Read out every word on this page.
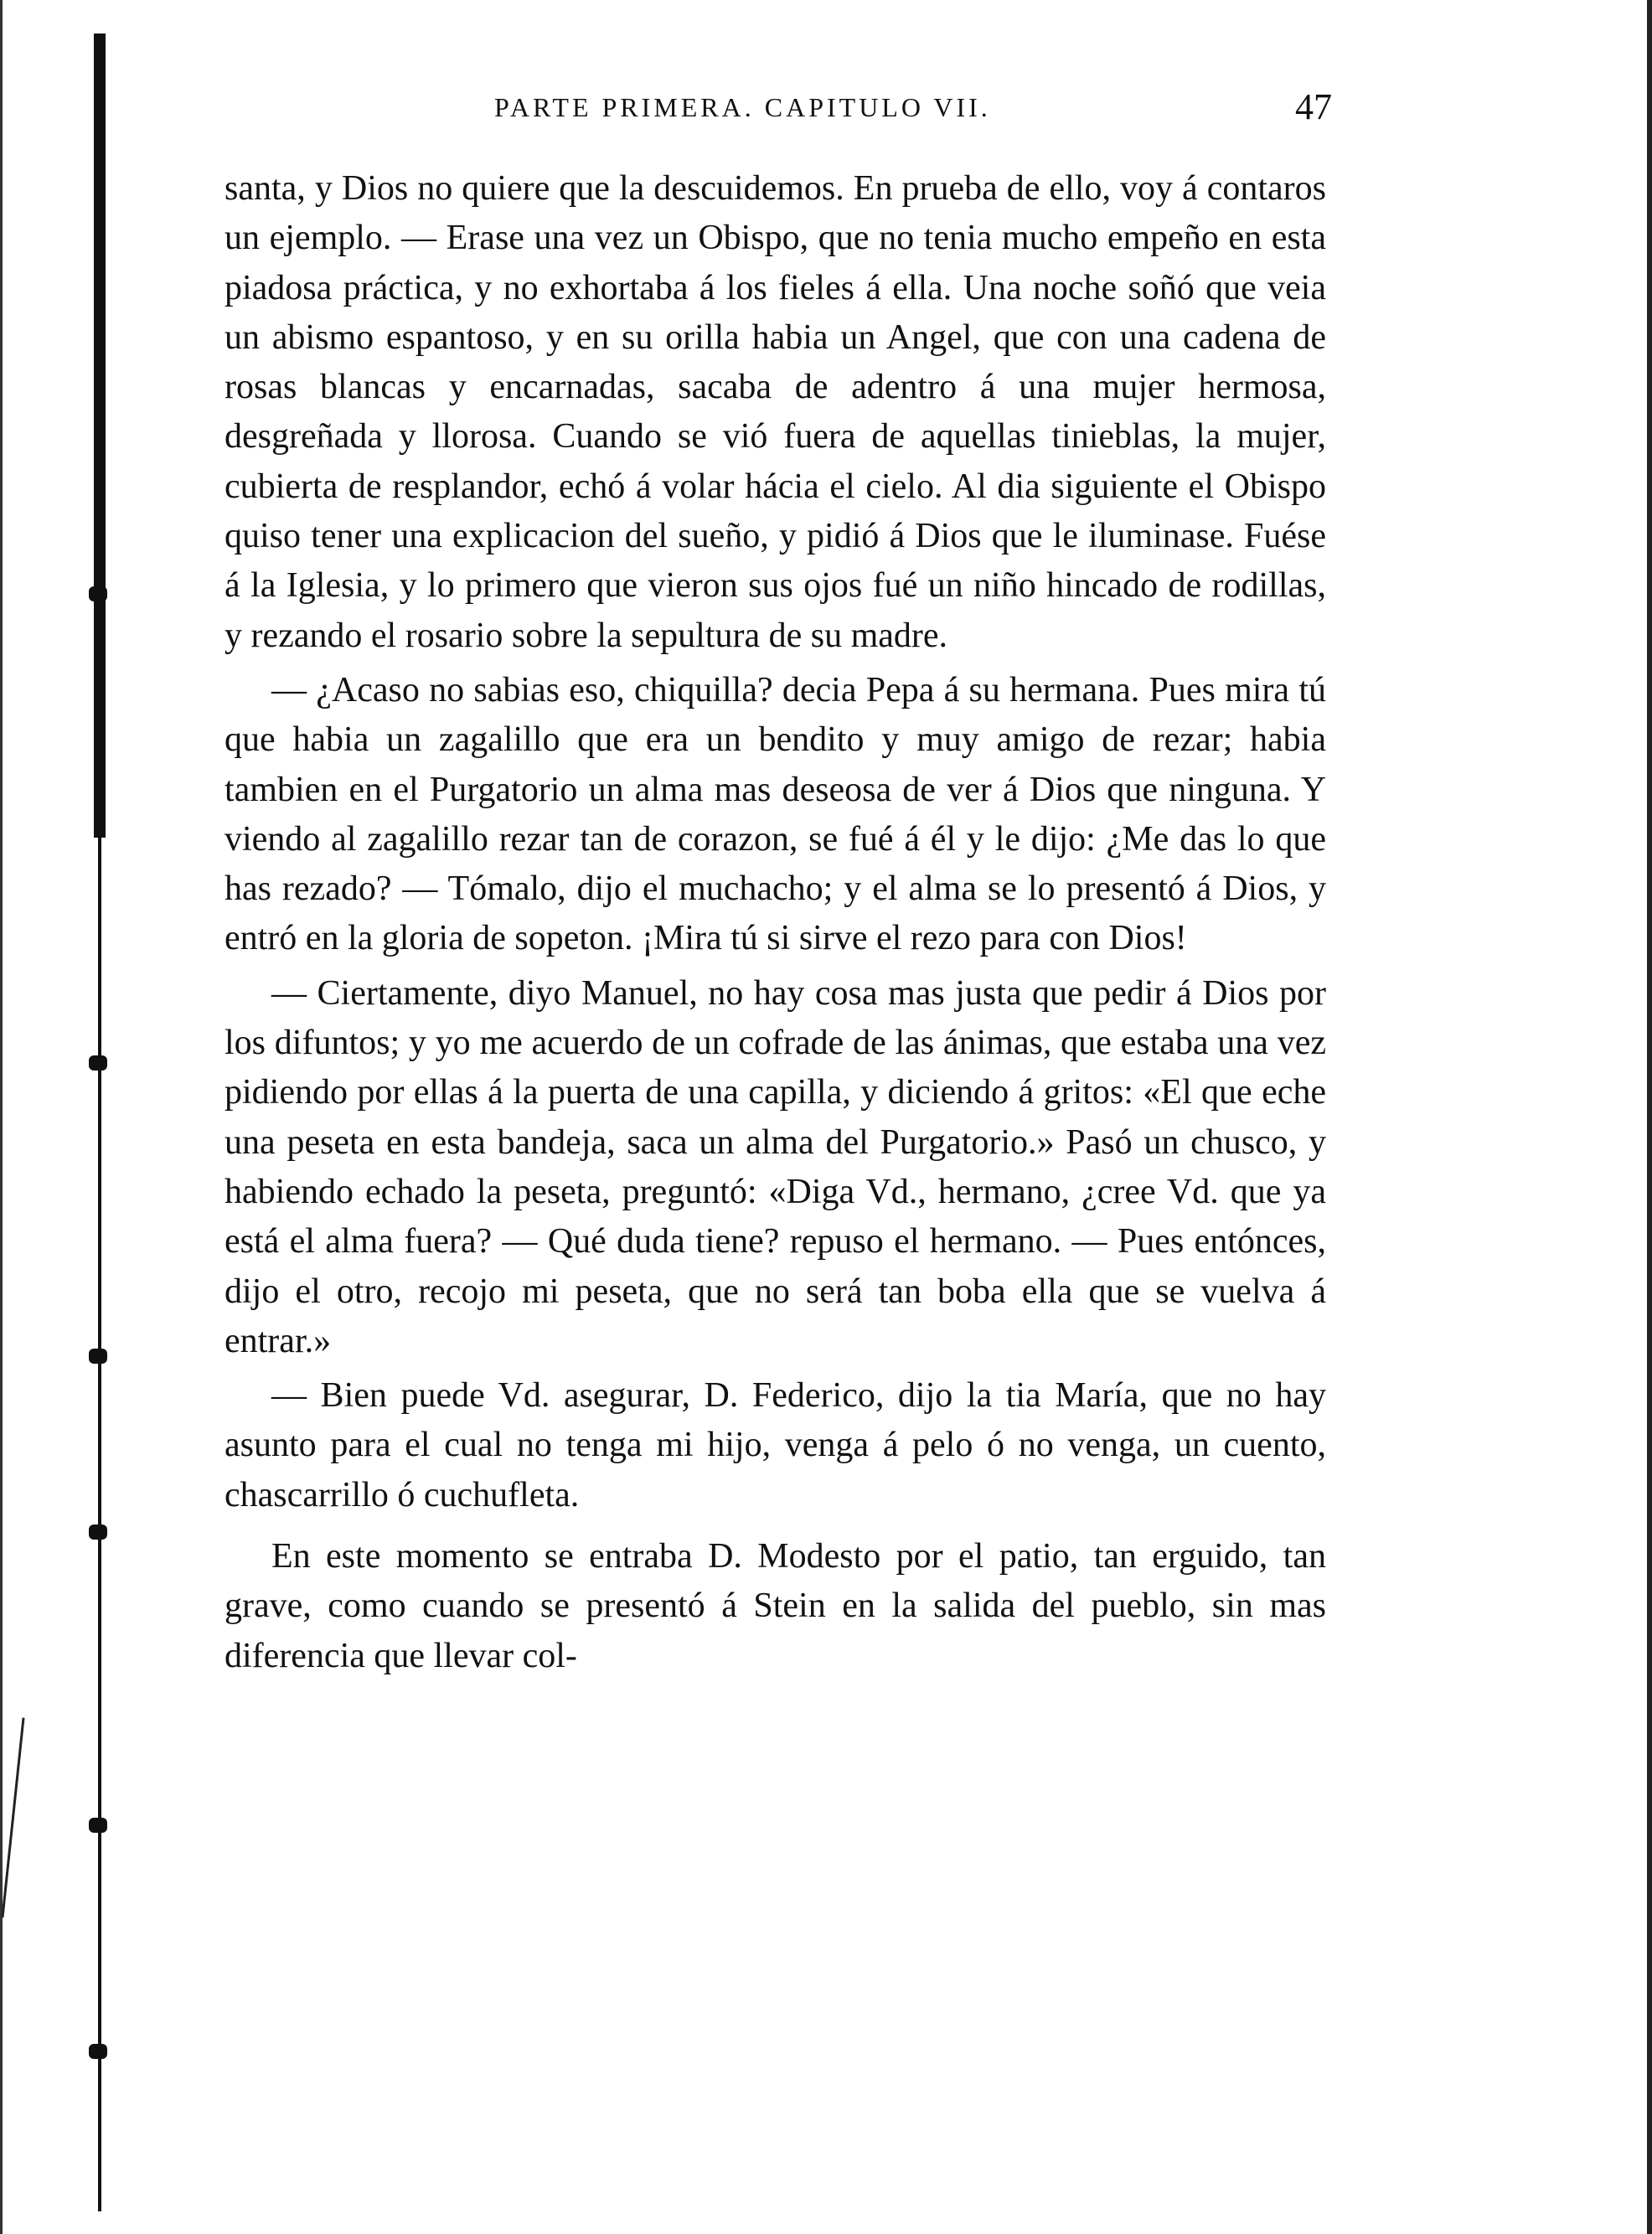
PARTE PRIMERA. CAPITULO VII.	47

santa, y Dios no quiere que la descuidemos. En prueba de ello, voy á contaros un ejemplo. — Erase una vez un Obispo, que no tenia mucho empeño en esta piadosa práctica, y no exhortaba á los fieles á ella. Una noche soñó que veia un abismo espantoso, y en su orilla habia un Angel, que con una cadena de rosas blancas y encarnadas, sacaba de adentro á una mujer hermosa, desgreñada y llorosa. Cuando se vió fuera de aquellas tinieblas, la mujer, cubierta de resplandor, echó á volar hácia el cielo. Al dia siguiente el Obispo quiso tener una explicacion del sueño, y pidió á Dios que le iluminase. Fuése á la Iglesia, y lo primero que vieron sus ojos fué un niño hincado de rodillas, y rezando el rosario sobre la sepultura de su madre.

— ¿Acaso no sabias eso, chiquilla? decia Pepa á su hermana. Pues mira tú que habia un zagalillo que era un bendito y muy amigo de rezar; habia tambien en el Purgatorio un alma mas deseosa de ver á Dios que ninguna. Y viendo al zagalillo rezar tan de corazon, se fué á él y le dijo: ¿Me das lo que has rezado? — Tómalo, dijo el muchacho; y el alma se lo presentó á Dios, y entró en la gloria de sopeton. ¡Mira tú si sirve el rezo para con Dios!

— Ciertamente, diyo Manuel, no hay cosa mas justa que pedir á Dios por los difuntos; y yo me acuerdo de un cofrade de las ánimas, que estaba una vez pidiendo por ellas á la puerta de una capilla, y diciendo á gritos: «El que eche una peseta en esta bandeja, saca un alma del Purgatorio.» Pasó un chusco, y habiendo echado la peseta, preguntó: «Diga Vd., hermano, ¿cree Vd. que ya está el alma fuera? — Qué duda tiene? repuso el hermano. — Pues entónces, dijo el otro, recojo mi peseta, que no será tan boba ella que se vuelva á entrar.»

— Bien puede Vd. asegurar, D. Federico, dijo la tia María, que no hay asunto para el cual no tenga mi hijo, venga á pelo ó no venga, un cuento, chascarrillo ó cuchufleta.

En este momento se entraba D. Modesto por el patio, tan erguido, tan grave, como cuando se presentó á Stein en la salida del pueblo, sin mas diferencia que llevar col-
